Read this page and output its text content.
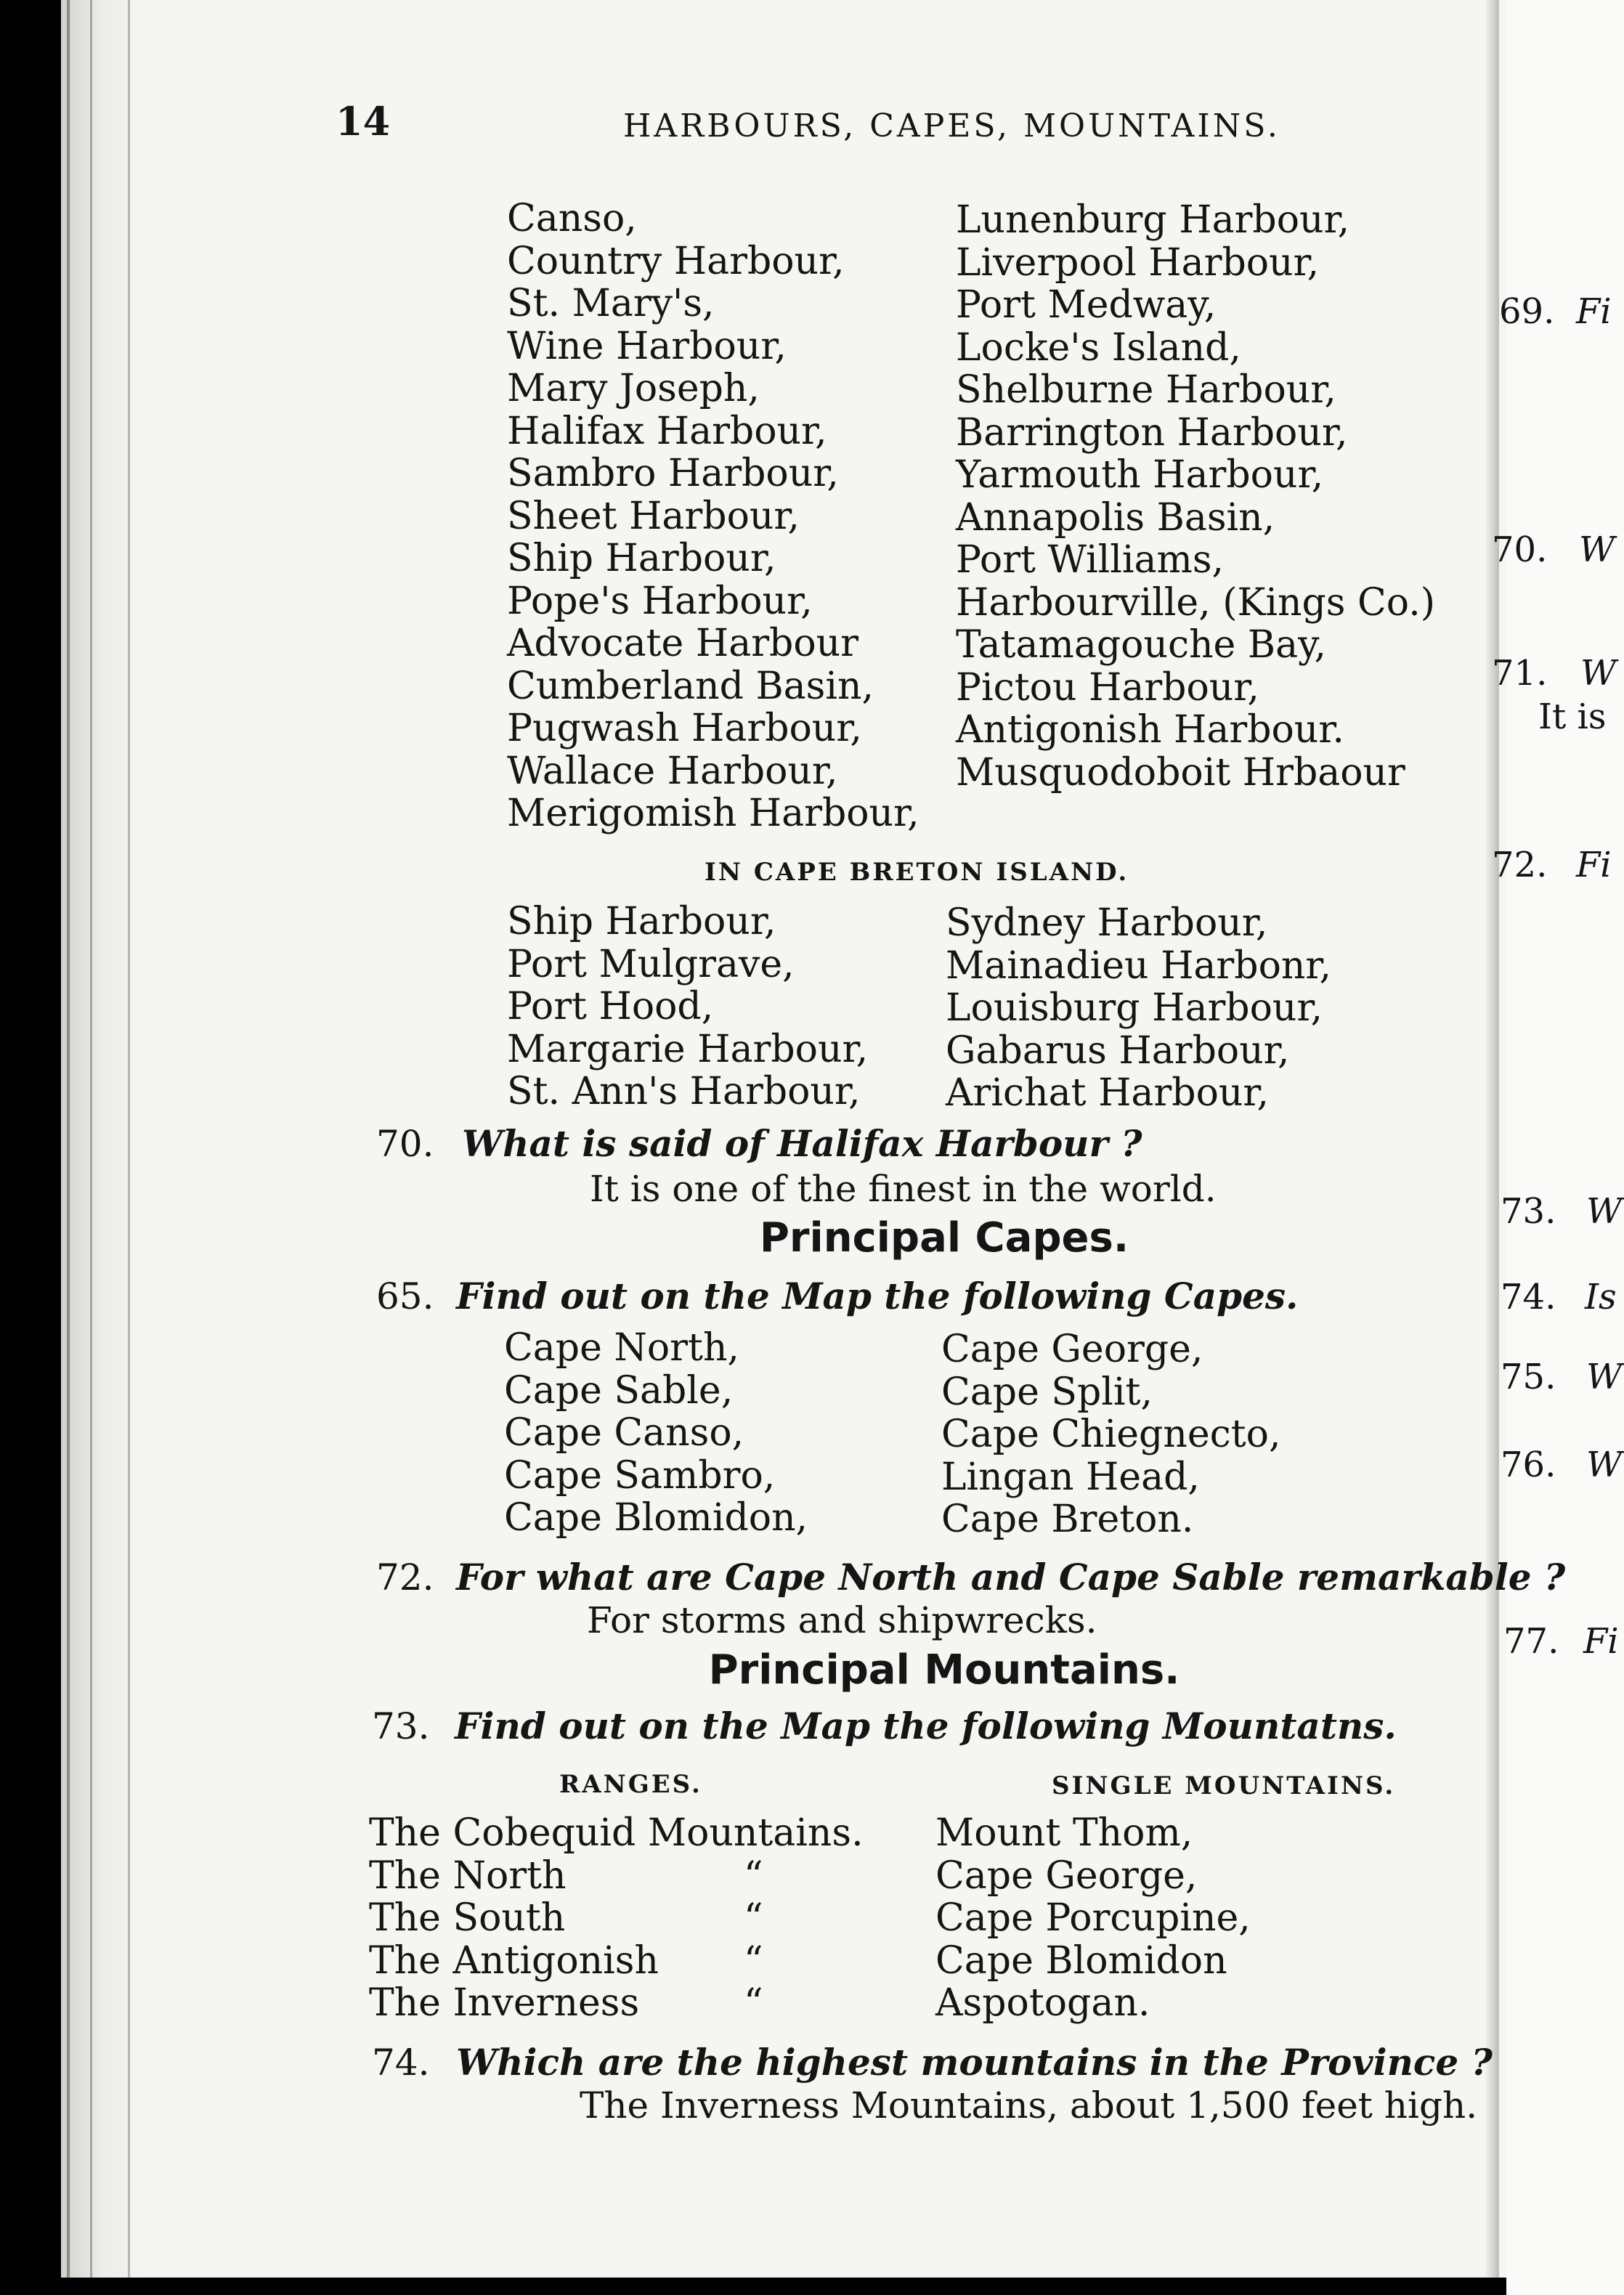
14	HARBOURS, CAPES, MOUNTAINS.
Canso,
Country Harbour,
St. Mary's,
Wine Harbour,
Mary Joseph,
Halifax Harbour,
Sambro Harbour,
Sheet Harbour,
Ship Harbour,
Pope's Harbour,
Advocate Harbour
Cumberland Basin,
Pugwash Harbour,
Wallace Harbour,
Merigomish Harbour,
Lunenburg Harbour,
Liverpool Harbour,
Port Medway,
Locke's Island,
Shelburne Harbour,
Barrington Harbour,
Yarmouth Harbour,
Annapolis Basin,
Port Williams,
Harbourville, (Kings Co.)
Tatamagouche Bay,
Pictou Harbour,
Antigonish Harbour.
Musquodoboit Hrbaour
IN CAPE BRETON ISLAND.
Ship Harbour,
Port Mulgrave,
Port Hood,
Margarie Harbour,
St. Ann's Harbour,
Sydney Harbour,
Mainadieu Harbonr,
Louisburg Harbour,
Gabarus Harbour,
Arichat Harbour,
70. What is said of Halifax Harbour ?
It is one of the finest in the world.
Principal Capes.
65. Find out on the Map the following Capes.
Cape North,
Cape Sable,
Cape Canso,
Cape Sambro,
Cape Blomidon,
Cape George,
Cape Split,
Cape Chiegnecto,
Lingan Head,
Cape Breton.
72. For what are Cape North and Cape Sable remarkable ?
For storms and shipwrecks.
Principal Mountains.
73. Find out on the Map the following Mountatns.
RANGES.	SINGLE MOUNTAINS.
The Cobequid Mountains.
The North
The South
The Antigonish
The Inverness
“
“
“
“
Mount Thom,
Cape George,
Cape Porcupine,
Cape Blomidon
Aspotogan.
74. Which are the highest mountains in the Province ?
The Inverness Mountains, about 1,500 feet high.
69. Fi
70. W
71. W
It is
72. Fi
73. W
74. Is
75. W
76. W
77. Fi
